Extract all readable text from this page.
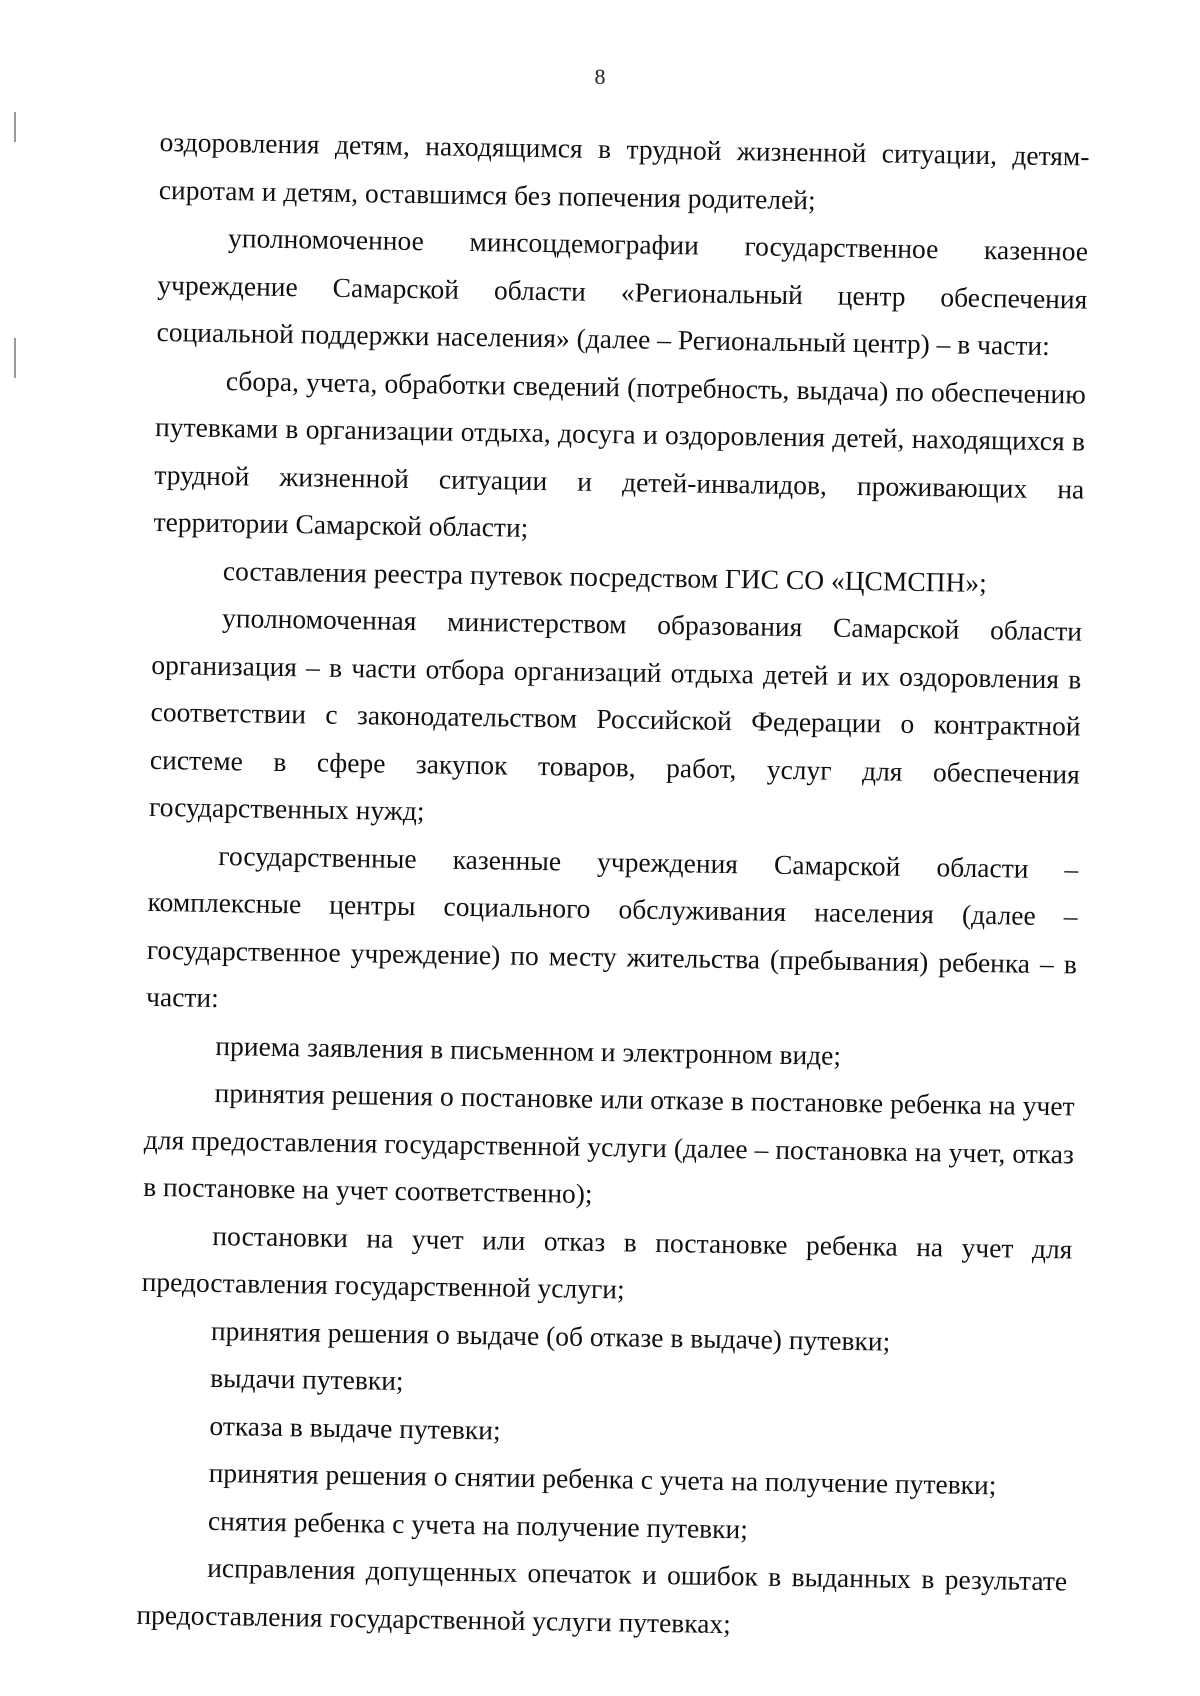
8

оздоровления детям, находящимся в трудной жизненной ситуации, детям-сиротам и детям, оставшимся без попечения родителей;

уполномоченное минсоцдемографии государственное казенное учреждение Самарской области «Региональный центр обеспечения социальной поддержки населения» (далее – Региональный центр) – в части:

сбора, учета, обработки сведений (потребность, выдача) по обеспечению путевками в организации отдыха, досуга и оздоровления детей, находящихся в трудной жизненной ситуации и детей-инвалидов, проживающих на территории Самарской области;

составления реестра путевок посредством ГИС СО «ЦСМСПН»;

уполномоченная министерством образования Самарской области организация – в части отбора организаций отдыха детей и их оздоровления в соответствии с законодательством Российской Федерации о контрактной системе в сфере закупок товаров, работ, услуг для обеспечения государственных нужд;

государственные казенные учреждения Самарской области – комплексные центры социального обслуживания населения (далее – государственное учреждение) по месту жительства (пребывания) ребенка – в части:

приема заявления в письменном и электронном виде;

принятия решения о постановке или отказе в постановке ребенка на учет для предоставления государственной услуги (далее – постановка на учет, отказ в постановке на учет соответственно);

постановки на учет или отказ в постановке ребенка на учет для предоставления государственной услуги;

принятия решения о выдаче (об отказе в выдаче) путевки;

выдачи путевки;

отказа в выдаче путевки;

принятия решения о снятии ребенка с учета на получение путевки;

снятия ребенка с учета на получение путевки;

исправления допущенных опечаток и ошибок в выданных в результате предоставления государственной услуги путевках;
